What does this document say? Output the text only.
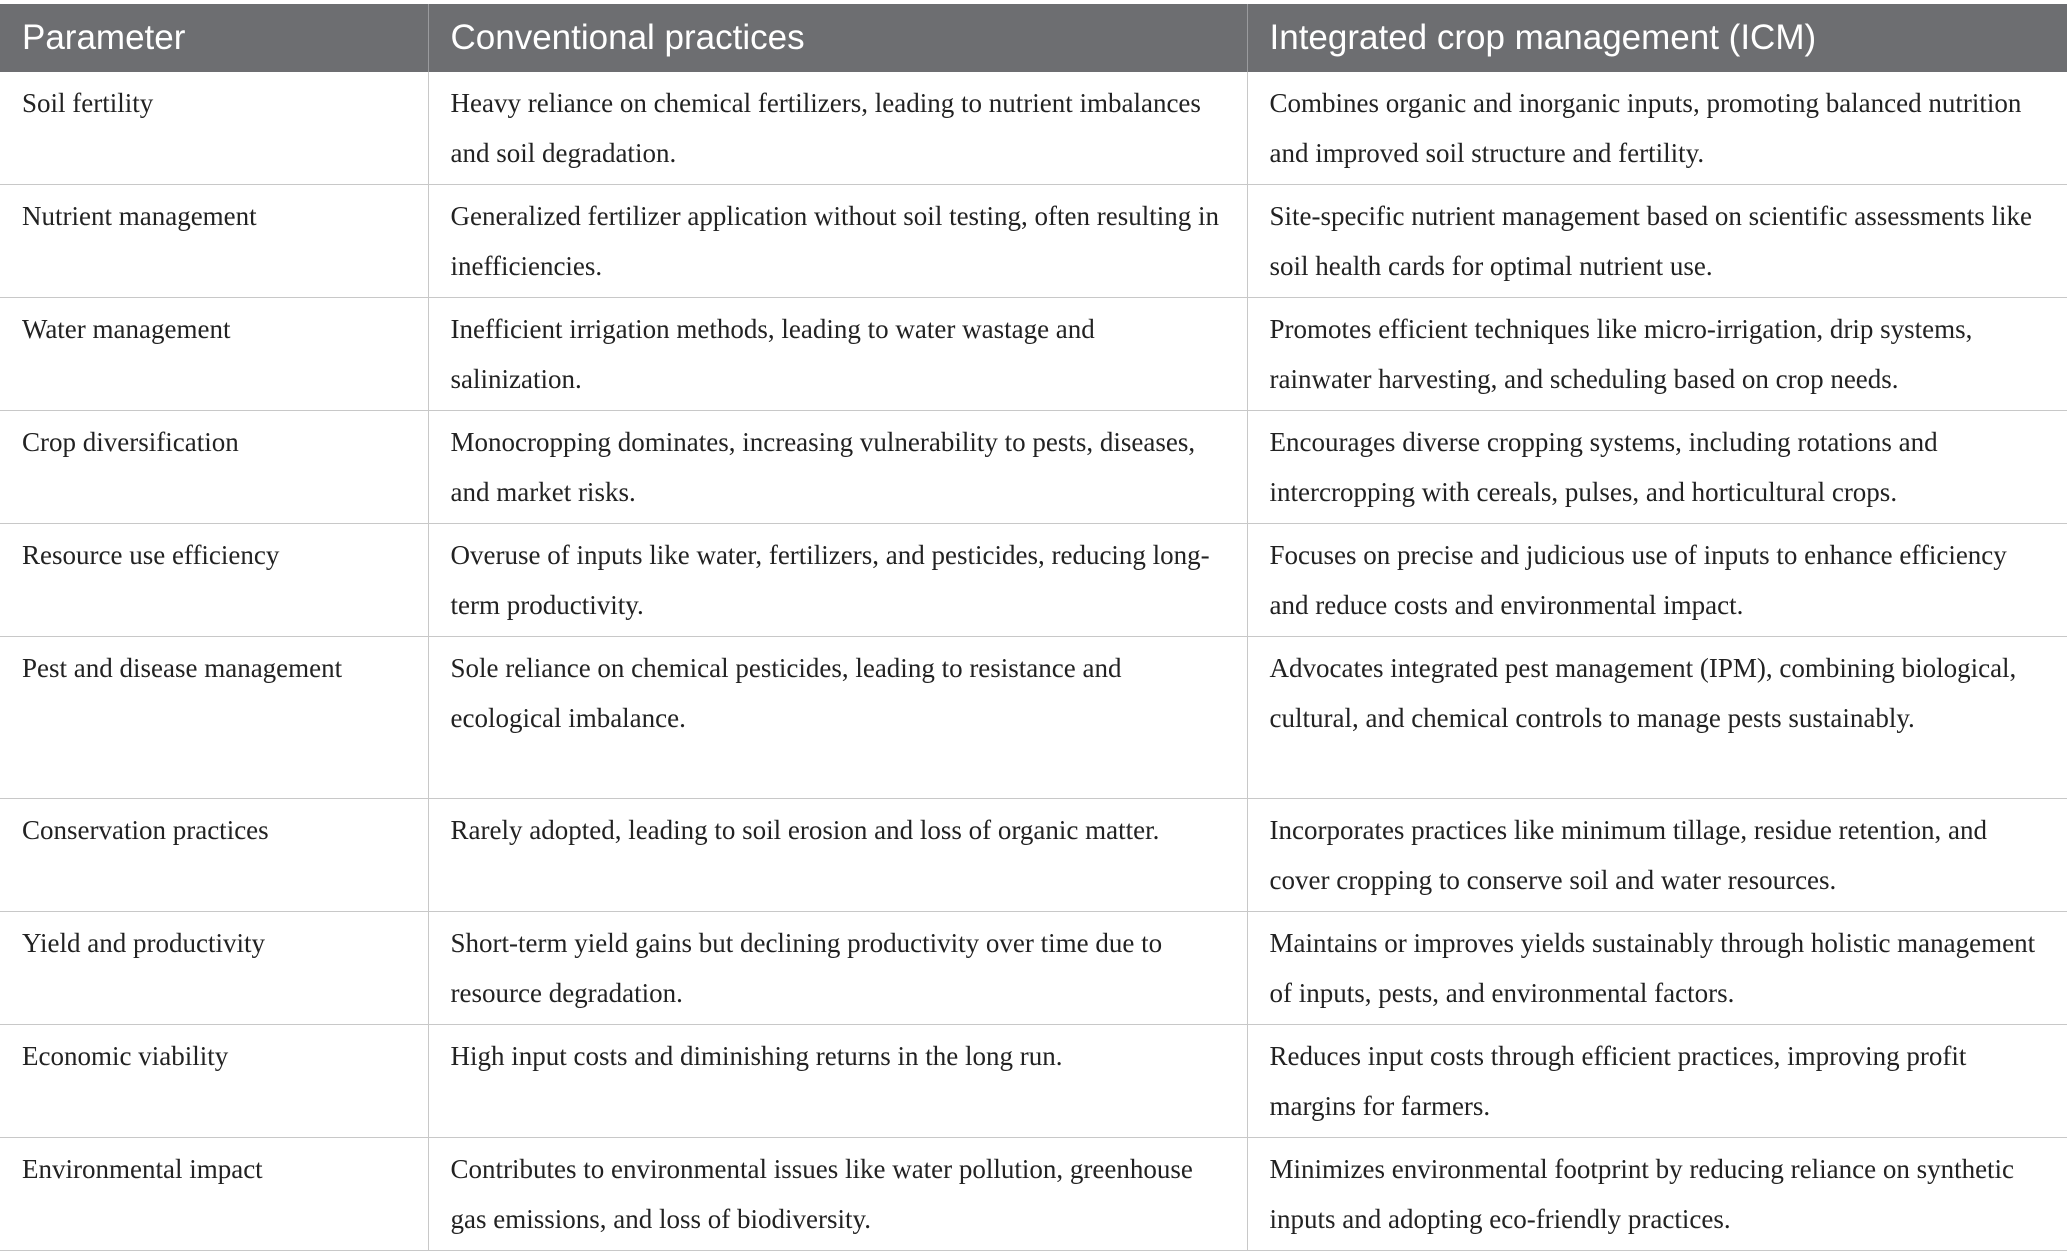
Parameter	Conventional practices	Integrated crop management (ICM)
Soil fertility	Heavy reliance on chemical fertilizers, leading to nutrient imbalances and soil degradation.	Combines organic and inorganic inputs, promoting balanced nutrition and improved soil structure and fertility.
Nutrient management	Generalized fertilizer application without soil testing, often resulting in inefficiencies.	Site-specific nutrient management based on scientific assessments like soil health cards for optimal nutrient use.
Water management	Inefficient irrigation methods, leading to water wastage and salinization.	Promotes efficient techniques like micro-irrigation, drip systems, rainwater harvesting, and scheduling based on crop needs.
Crop diversification	Monocropping dominates, increasing vulnerability to pests, diseases, and market risks.	Encourages diverse cropping systems, including rotations and intercropping with cereals, pulses, and horticultural crops.
Resource use efficiency	Overuse of inputs like water, fertilizers, and pesticides, reducing long-term productivity.	Focuses on precise and judicious use of inputs to enhance efficiency and reduce costs and environmental impact.
Pest and disease management	Sole reliance on chemical pesticides, leading to resistance and ecological imbalance.	Advocates integrated pest management (IPM), combining biological, cultural, and chemical controls to manage pests sustainably.
Conservation practices	Rarely adopted, leading to soil erosion and loss of organic matter.	Incorporates practices like minimum tillage, residue retention, and cover cropping to conserve soil and water resources.
Yield and productivity	Short-term yield gains but declining productivity over time due to resource degradation.	Maintains or improves yields sustainably through holistic management of inputs, pests, and environmental factors.
Economic viability	High input costs and diminishing returns in the long run.	Reduces input costs through efficient practices, improving profit margins for farmers.
Environmental impact	Contributes to environmental issues like water pollution, greenhouse gas emissions, and loss of biodiversity.	Minimizes environmental footprint by reducing reliance on synthetic inputs and adopting eco-friendly practices.
